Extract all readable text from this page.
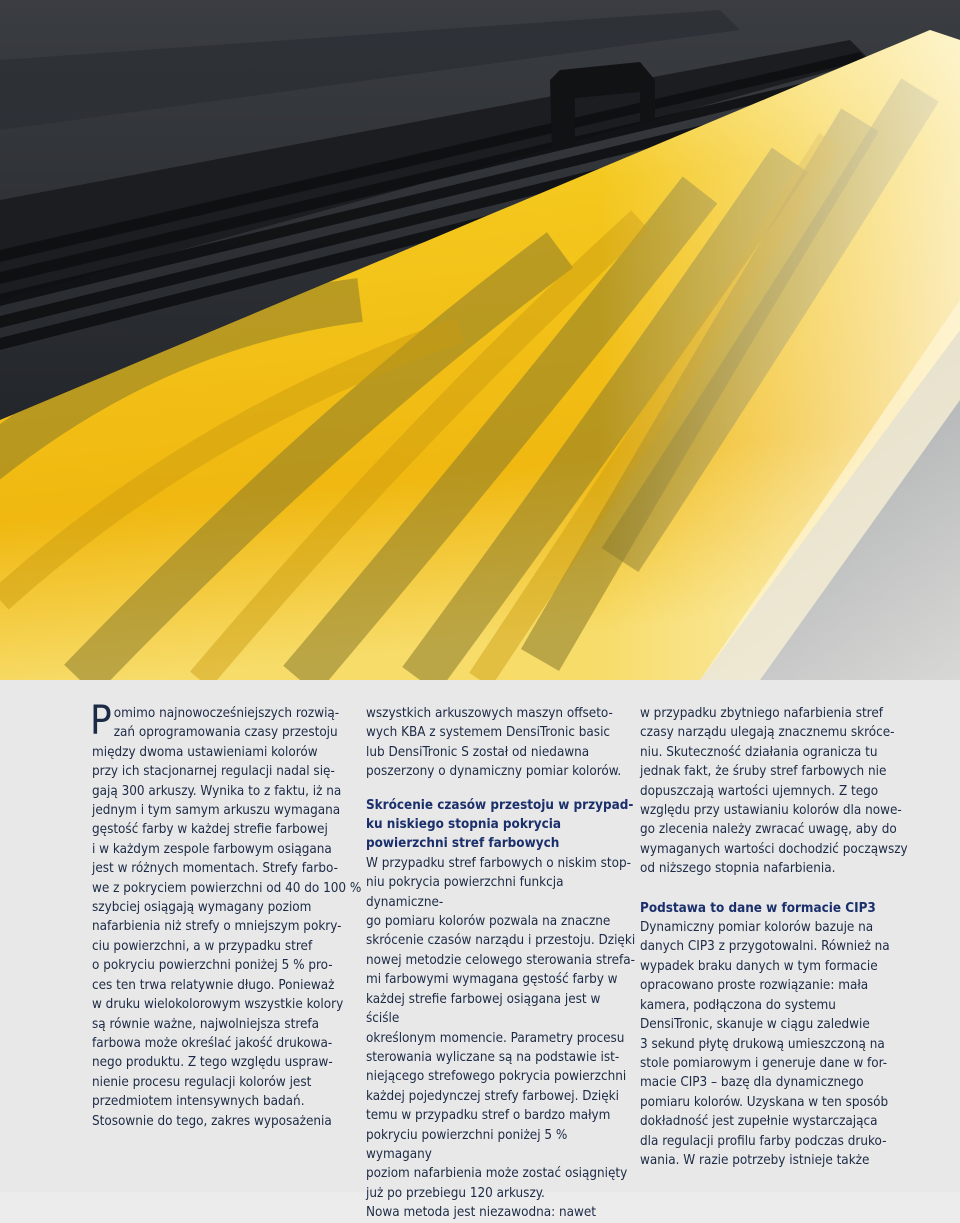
Pomimo najnowocześniejszych rozwią-
zań oprogramowania czasy przestoju
między dwoma ustawieniami kolorów
przy ich stacjonarnej regulacji nadal się-
gają 300 arkuszy. Wynika to z faktu, iż na
jednym i tym samym arkuszu wymagana
gęstość farby w każdej strefie farbowej
i w każdym zespole farbowym osiągana
jest w różnych momentach. Strefy farbo-
we z pokryciem powierzchni od 40 do 100 %
szybciej osiągają wymagany poziom
nafarbienia niż strefy o mniejszym pokry-
ciu powierzchni, a w przypadku stref
o pokryciu powierzchni poniżej 5 % pro-
ces ten trwa relatywnie długo. Ponieważ
w druku wielokolorowym wszystkie kolory
są równie ważne, najwolniejsza strefa
farbowa może określać jakość drukowa-
nego produktu. Z tego względu uspraw-
nienie procesu regulacji kolorów jest
przedmiotem intensywnych badań.
Stosownie do tego, zakres wyposażenia

wszystkich arkuszowych maszyn offseto-
wych KBA z systemem DensiTronic basic
lub DensiTronic S został od niedawna
poszerzony o dynamiczny pomiar kolorów.

Skrócenie czasów przestoju w przypad-
ku niskiego stopnia pokrycia
powierzchni stref farbowych

W przypadku stref farbowych o niskim stop-
niu pokrycia powierzchni funkcja dynamiczne-
go pomiaru kolorów pozwala na znaczne
skrócenie czasów narządu i przestoju. Dzięki
nowej metodzie celowego sterowania strefa-
mi farbowymi wymagana gęstość farby w
każdej strefie farbowej osiągana jest w ściśle
określonym momencie. Parametry procesu
sterowania wyliczane są na podstawie ist-
niejącego strefowego pokrycia powierzchni
każdej pojedynczej strefy farbowej. Dzięki
temu w przypadku stref o bardzo małym
pokryciu powierzchni poniżej 5 % wymagany
poziom nafarbienia może zostać osiągnięty
już po przebiegu 120 arkuszy.
Nowa metoda jest niezawodna: nawet

w przypadku zbytniego nafarbienia stref
czasy narządu ulegają znacznemu skróce-
niu. Skuteczność działania ogranicza tu
jednak fakt, że śruby stref farbowych nie
dopuszczają wartości ujemnych. Z tego
względu przy ustawianiu kolorów dla nowe-
go zlecenia należy zwracać uwagę, aby do
wymaganych wartości dochodzić począwszy
od niższego stopnia nafarbienia.

Podstawa to dane w formacie CIP3

Dynamiczny pomiar kolorów bazuje na
danych CIP3 z przygotowalni. Również na
wypadek braku danych w tym formacie
opracowano proste rozwiązanie: mała
kamera, podłączona do systemu
DensiTronic, skanuje w ciągu zaledwie
3 sekund płytę drukową umieszczoną na
stole pomiarowym i generuje dane w for-
macie CIP3 – bazę dla dynamicznego
pomiaru kolorów. Uzyskana w ten sposób
dokładność jest zupełnie wystarczająca
dla regulacji profilu farby podczas druko-
wania. W razie potrzeby istnieje także
